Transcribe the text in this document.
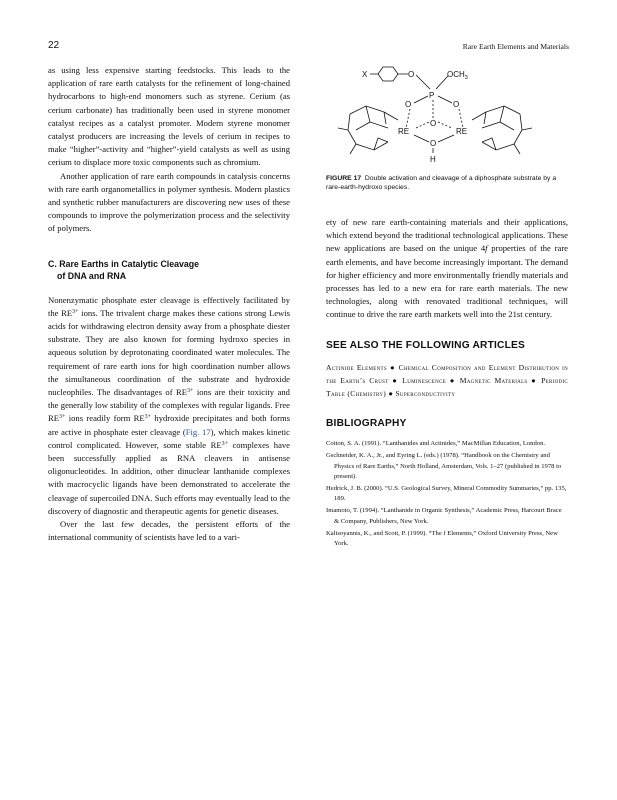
22	Rare Earth Elements and Materials

as using less expensive starting feedstocks. This leads to the application of rare earth catalysts for the refinement of long-chained hydrocarbons to high-end monomers such as styrene. Cerium (as cerium carbonate) has traditionally been used in styrene monomer catalyst recipes as a catalyst promoter. Modern styrene monomer catalyst producers are increasing the levels of cerium in recipes to make “higher”-activity and “higher”-yield catalysts as well as using cerium to displace more toxic components such as chromium.

Another application of rare earth compounds in catalysis concerns with rare earth organometallics in polymer synthesis. Modern plastics and synthetic rubber manufacturers are discovering new uses of these compounds to improve the polymerization process and the selectivity of polymers.

C. Rare Earths in Catalytic Cleavage
of DNA and RNA

Nonenzymatic phosphate ester cleavage is effectively facilitated by the $RE^{3+}$ ions. The trivalent charge makes these cations strong Lewis acids for withdrawing electron density away from a phosphate diester substrate. They are also known for forming hydroxo species in aqueous solution by deprotonating coordinated water molecules. The requirement of rare earth ions for high coordination number allows the simultaneous coordination of the substrate and hydroxide nucleophiles. The disadvantages of $RE^{3+}$ ions are their toxicity and the generally low stability of the complexes with regular ligands. Free $RE^{3+}$ ions readily form $RE^{3+}$ hydroxide precipitates and both forms are active in phosphate ester cleavage (Fig. 17), which makes kinetic control complicated. However, some stable $RE^{3+}$ complexes have been successfully applied as RNA cleavers in antisense oligonucleotides. In addition, other dinuclear lanthanide complexes with macrocyclic ligands have been demonstrated to accelerate the cleavage of supercoiled DNA. Such efforts may eventually lead to the discovery of diagnostic and therapeutic agents for genetic diseases.

Over the last few decades, the persistent efforts of the international community of scientists have led to a vari-

X	O	$OCH_3$
P
O	O
O
RE	RE
O
H
FIGURE 17 Double activation and cleavage of a diphosphate substrate by a rare-earth-hydroxo species.

ety of new rare earth-containing materials and their applications, which extend beyond the traditional technological applications. These new applications are based on the unique 4f properties of the rare earth elements, and have become increasingly important. The demand for higher efficiency and more environmentally friendly materials and processes has led to a new era for rare earth materials. The new technologies, along with renovated traditional techniques, will continue to drive the rare earth markets well into the 21st century.

SEE ALSO THE FOLLOWING ARTICLES
Actinide Elements ● Chemical Composition and Element Distribution in the Earth’s Crust ● Luminescence ● Magnetic Materials ● Periodic Table (Chemistry) ● Superconductivity
BIBLIOGRAPHY

Cotton, S. A. (1991). “Lanthanides and Actinides,” MacMillan Education, London.

Gschneider, K. A., Jr., and Eyring L. (eds.) (1978). “Handbook on the Chemistry and Physics of Rare Earths,” North Holland, Amsterdam, Vols. 1–27 (published in 1978 to present).

Hedrick, J. B. (2000). “U.S. Geological Survey, Mineral Commodity Summaries,” pp. 135, 189.

Imamoto, T. (1994). “Lanthanide in Organic Synthesis,” Academic Press, Harcourt Brace & Company, Publishers, New York.

Kaltsoyannis, K., and Scott, P. (1999). “The f Elements,” Oxford University Press, New York.
